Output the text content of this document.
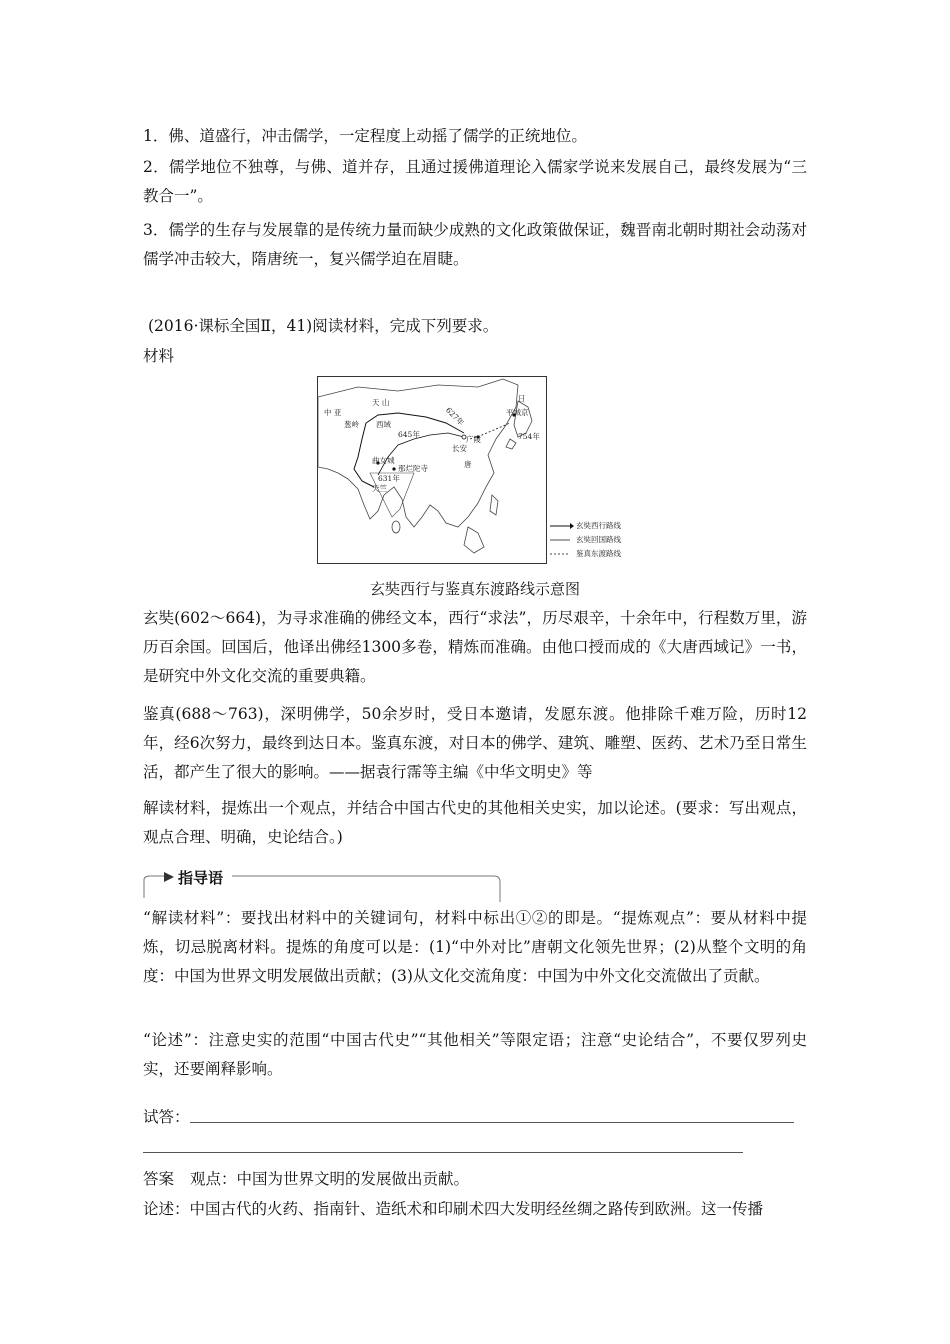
1．佛、道盛行，冲击儒学，一定程度上动摇了儒学的正统地位。

2．儒学地位不独尊，与佛、道并存，且通过援佛道理论入儒家学说来发展自己，最终发展为“三教合一”。

3．儒学的生存与发展靠的是传统力量而缺少成熟的文化政策做保证，魏晋南北朝时期社会动荡对儒学冲击较大，隋唐统一，复兴儒学迫在眉睫。

(2016·课标全国Ⅱ，41)阅读材料，完成下列要求。
材料
中 亚
天 山
葱岭 西域
645年
627年
广陵
长安
唐
日
平城京
754年
曲女城
那烂陀寺
631年
天竺
玄奘西行路线
玄奘回国路线
鉴真东渡路线
玄奘西行与鉴真东渡路线示意图

玄奘(602～664)，为寻求准确的佛经文本，西行“求法”，历尽艰辛，十余年中，行程数万里，游历百余国。回国后，他译出佛经1300多卷，精炼而准确。由他口授而成的《大唐西域记》一书，是研究中外文化交流的重要典籍。

鉴真(688～763)，深明佛学，50余岁时，受日本邀请，发愿东渡。他排除千难万险，历时12年，经6次努力，最终到达日本。鉴真东渡，对日本的佛学、建筑、雕塑、医药、艺术乃至日常生活，都产生了很大的影响。——据袁行霈等主编《中华文明史》等

解读材料，提炼出一个观点，并结合中国古代史的其他相关史实，加以论述。(要求：写出观点，观点合理、明确，史论结合。)

指导语

“解读材料”：要找出材料中的关键词句，材料中标出①②的即是。“提炼观点”：要从材料中提炼，切忌脱离材料。提炼的角度可以是：(1)“中外对比”唐朝文化领先世界；(2)从整个文明的角度：中国为世界文明发展做出贡献；(3)从文化交流角度：中国为中外文化交流做出了贡献。

“论述”：注意史实的范围“中国古代史”“其他相关”等限定语；注意“史论结合”，不要仅罗列史实，还要阐释影响。

试答：
答案 观点：中国为世界文明的发展做出贡献。
论述：中国古代的火药、指南针、造纸术和印刷术四大发明经丝绸之路传到欧洲。这一传播
